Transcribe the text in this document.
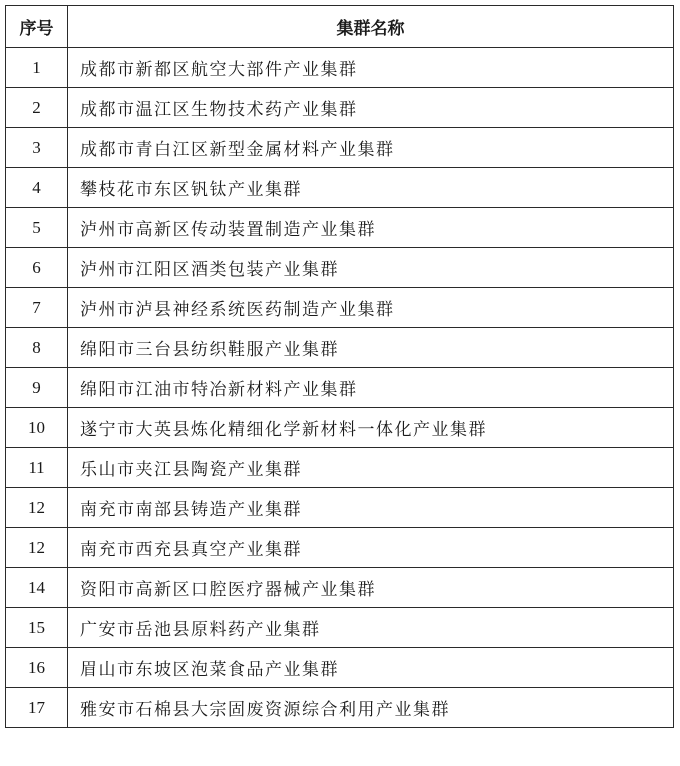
序号	集群名称
1	成都市新都区航空大部件产业集群
2	成都市温江区生物技术药产业集群
3	成都市青白江区新型金属材料产业集群
4	攀枝花市东区钒钛产业集群
5	泸州市高新区传动装置制造产业集群
6	泸州市江阳区酒类包装产业集群
7	泸州市泸县神经系统医药制造产业集群
8	绵阳市三台县纺织鞋服产业集群
9	绵阳市江油市特冶新材料产业集群
10	遂宁市大英县炼化精细化学新材料一体化产业集群
11	乐山市夹江县陶瓷产业集群
12	南充市南部县铸造产业集群
12	南充市西充县真空产业集群
14	资阳市高新区口腔医疗器械产业集群
15	广安市岳池县原料药产业集群
16	眉山市东坡区泡菜食品产业集群
17	雅安市石棉县大宗固废资源综合利用产业集群
